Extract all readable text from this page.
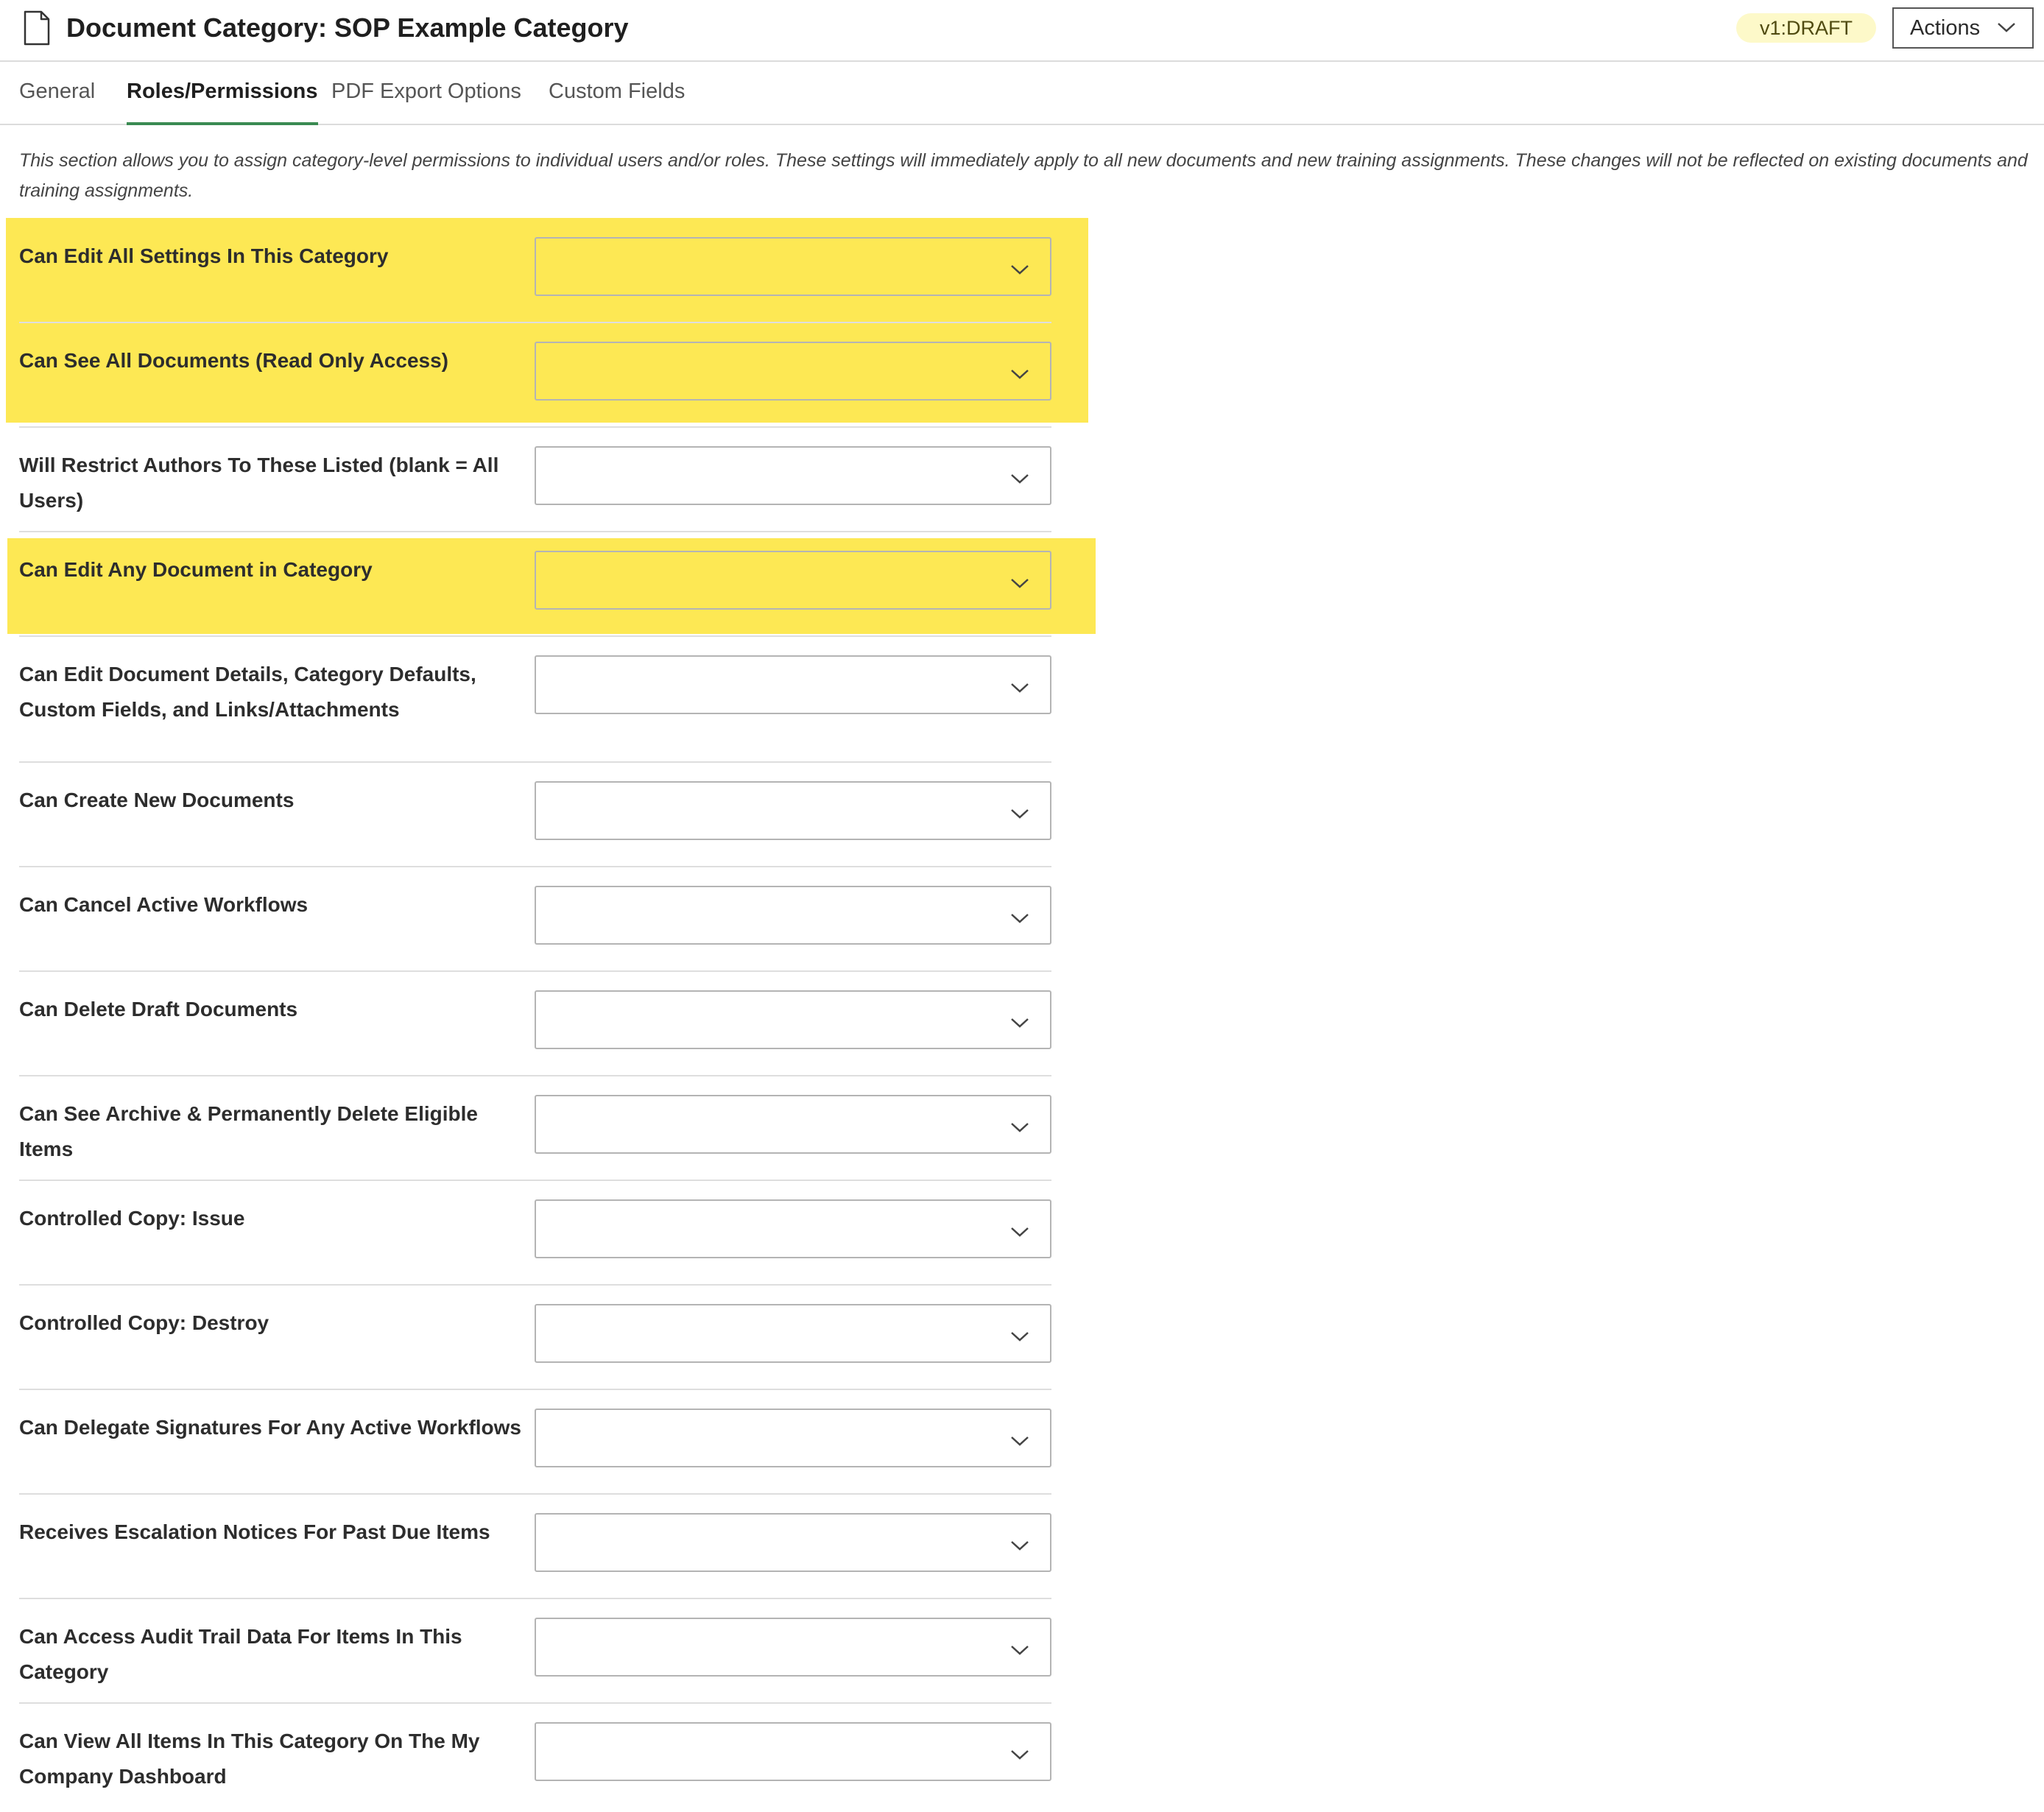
Document Category: SOP Example Category	v1:DRAFT	Actions
General Roles/Permissions PDF Export Options Custom Fields
This section allows you to assign category-level permissions to individual users and/or roles. These settings will immediately apply to all new documents and new training assignments. These changes will not be reflected on existing documents and training assignments.
Can Edit All Settings In This Category
Can See All Documents (Read Only Access)
Will Restrict Authors To These Listed (blank = All Users)
Can Edit Any Document in Category
Can Edit Document Details, Category Defaults, Custom Fields, and Links/Attachments
Can Create New Documents
Can Cancel Active Workflows
Can Delete Draft Documents
Can See Archive & Permanently Delete Eligible Items
Controlled Copy: Issue
Controlled Copy: Destroy
Can Delegate Signatures For Any Active Workflows
Receives Escalation Notices For Past Due Items
Can Access Audit Trail Data For Items In This Category
Can View All Items In This Category On The My Company Dashboard
